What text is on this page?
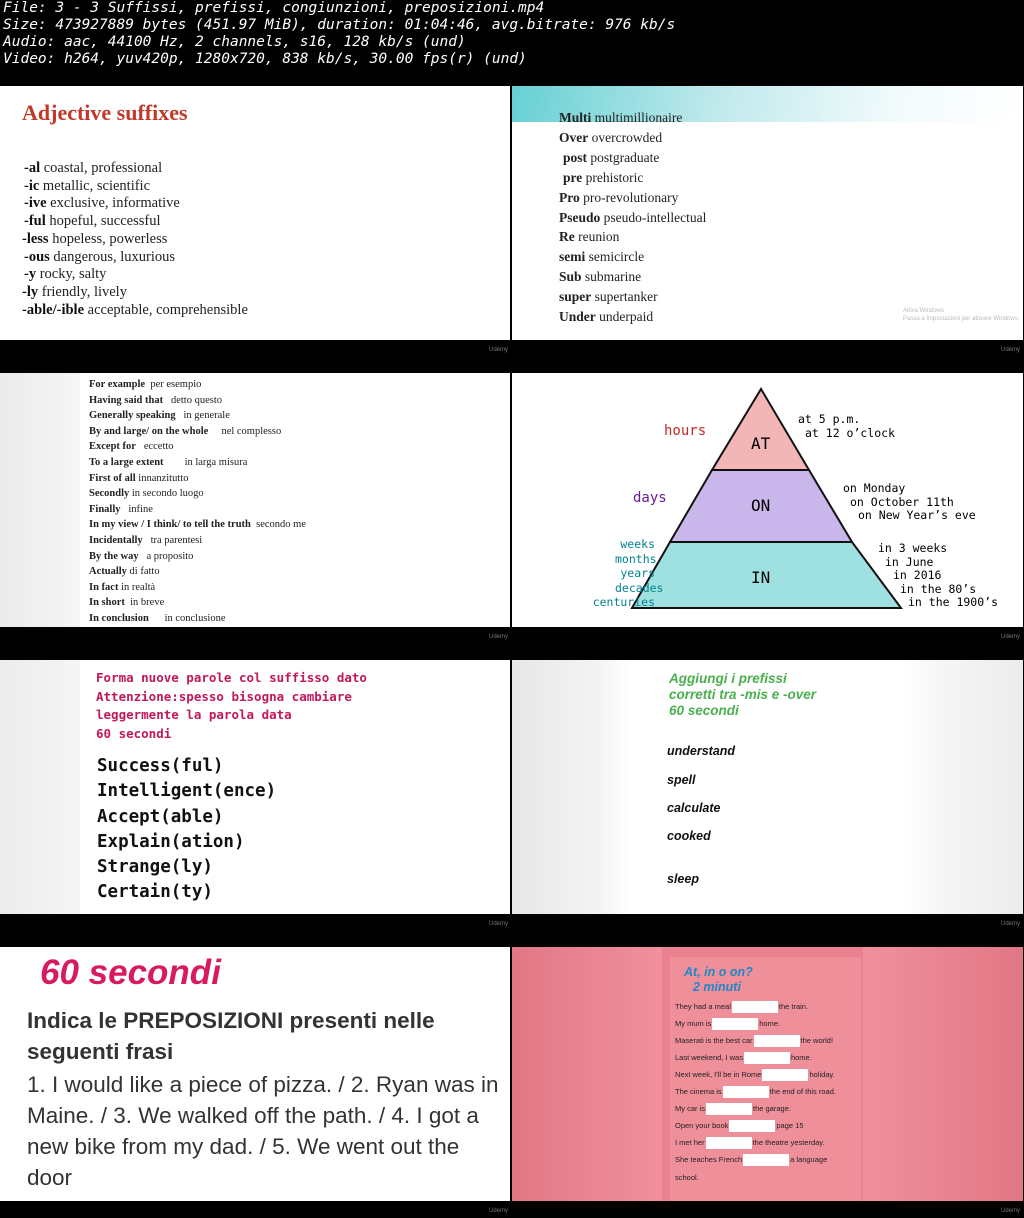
File: 3 - 3 Suffissi, prefissi, congiunzioni, preposizioni.mp4
Size: 473927889 bytes (451.97 MiB), duration: 01:04:46, avg.bitrate: 976 kb/s
Audio: aac, 44100 Hz, 2 channels, s16, 128 kb/s (und)
Video: h264, yuv420p, 1280x720, 838 kb/s, 30.00 fps(r) (und)
Adjective suffixes
-al coastal, professional
-ic metallic, scientific
-ive exclusive, informative
-ful hopeful, successful
-less hopeless, powerless
-ous dangerous, luxurious
-y rocky, salty
-ly friendly, lively
-able/-ible acceptable, comprehensible
Udemy
Multi multimillionaire
Over overcrowded
post postgraduate
pre prehistoric
Pro pro-revolutionary
Pseudo pseudo-intellectual
Re reunion
semi semicircle
Sub submarine
super supertanker
Under underpaid	Attiva Windows
Passa a Impostazioni per attivare Windows.
Udemy
For example per esempio
Having said that detto questo
Generally speaking in generale
By and large/ on the whole nel complesso
Except for eccetto
To a large extent in larga misura
First of all innanzitutto
Secondly in secondo luogo
Finally infine
In my view / I think/ to tell the truth secondo me
Incidentally tra parentesi
By the way a proposito
Actually di fatto
In fact in realtà
In short in breve
In conclusion in conclusione
Udemy
AT
ON
IN
hours
days
weeks
months
years
decades
centuries
at 5 p.m.
at 12 o’clock
on Monday
on October 11th
on New Year’s eve
in 3 weeks
in June
in 2016
in the 80’s
in the 1900’s
Udemy
Forma nuove parole col suffisso dato
Attenzione:spesso bisogna cambiare
leggermente la parola data
60 secondi
Success(ful)
Intelligent(ence)
Accept(able)
Explain(ation)
Strange(ly)
Certain(ty)
Udemy
Aggiungi i prefissi
corretti tra -mis e -over
60 secondi
understand
spell
calculate
cooked
sleep
Udemy
60 secondi
Indica le PREPOSIZIONI presenti nelle seguenti frasi
1. I would like a piece of pizza. / 2. Ryan was in Maine. / 3. We walked off the path. / 4. I got a new bike from my dad. / 5. We went out the door
Udemy
At, in o on?
2 minuti
They had a meal	the train.
My mum is	home.
Maserati is the best car	the world!
Last weekend, I was	home.
Next week, I'll be in Rome	holiday.
The cinema is	the end of this road.
My car is	the garage.
Open your book	page 15
I met her	the theatre yesterday.
She teaches French	a language
school.
Udemy
